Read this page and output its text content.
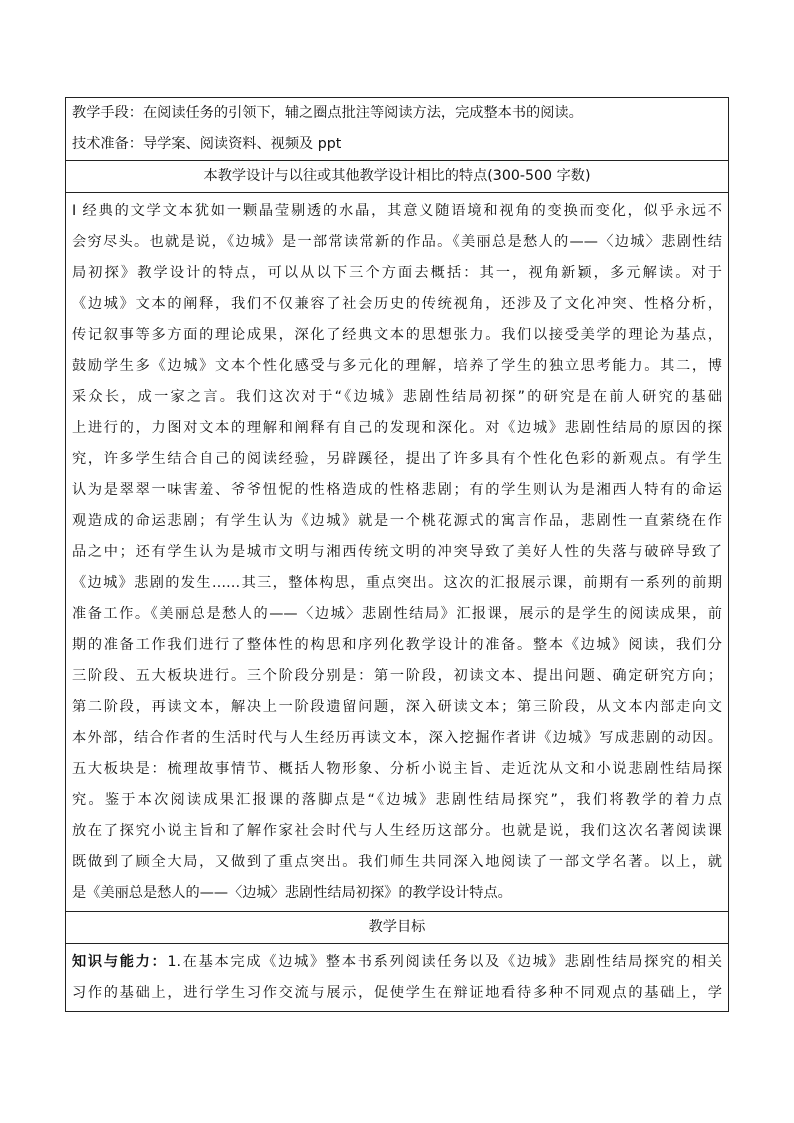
教学手段：在阅读任务的引领下，辅之圈点批注等阅读方法，完成整本书的阅读。
技术准备：导学案、阅读资料、视频及 ppt

本教学设计与以往或其他教学设计相比的特点(300-500 字数)

I 经典的文学文本犹如一颗晶莹剔透的水晶，其意义随语境和视角的变换而变化，似乎永远不
会穷尽头。也就是说，《边城》是一部常读常新的作品。《美丽总是愁人的——〈边城〉悲剧性结
局初探》教学设计的特点，可以从以下三个方面去概括：其一，视角新颖，多元解读。对于
《边城》文本的阐释，我们不仅兼容了社会历史的传统视角，还涉及了文化冲突、性格分析，
传记叙事等多方面的理论成果，深化了经典文本的思想张力。我们以接受美学的理论为基点，
鼓励学生多《边城》文本个性化感受与多元化的理解，培养了学生的独立思考能力。其二，博
采众长，成一家之言。我们这次对于“《边城》悲剧性结局初探”的研究是在前人研究的基础
上进行的，力图对文本的理解和阐释有自己的发现和深化。对《边城》悲剧性结局的原因的探
究，许多学生结合自己的阅读经验，另辟蹊径，提出了许多具有个性化色彩的新观点。有学生
认为是翠翠一味害羞、爷爷忸怩的性格造成的性格悲剧；有的学生则认为是湘西人特有的命运
观造成的命运悲剧；有学生认为《边城》就是一个桃花源式的寓言作品，悲剧性一直萦绕在作
品之中；还有学生认为是城市文明与湘西传统文明的冲突导致了美好人性的失落与破碎导致了
《边城》悲剧的发生……其三，整体构思，重点突出。这次的汇报展示课，前期有一系列的前期
准备工作。《美丽总是愁人的——〈边城〉悲剧性结局》汇报课，展示的是学生的阅读成果，前
期的准备工作我们进行了整体性的构思和序列化教学设计的准备。整本《边城》阅读，我们分
三阶段、五大板块进行。三个阶段分别是：第一阶段，初读文本、提出问题、确定研究方向；
第二阶段，再读文本，解决上一阶段遗留问题，深入研读文本；第三阶段，从文本内部走向文
本外部，结合作者的生活时代与人生经历再读文本，深入挖掘作者讲《边城》写成悲剧的动因。
五大板块是：梳理故事情节、概括人物形象、分析小说主旨、走近沈从文和小说悲剧性结局探
究。鉴于本次阅读成果汇报课的落脚点是“《边城》悲剧性结局探究”，我们将教学的着力点
放在了探究小说主旨和了解作家社会时代与人生经历这部分。也就是说，我们这次名著阅读课
既做到了顾全大局，又做到了重点突出。我们师生共同深入地阅读了一部文学名著。以上，就
是《美丽总是愁人的——〈边城〉悲剧性结局初探》的教学设计特点。

教学目标

知识与能力：1.在基本完成《边城》整本书系列阅读任务以及《边城》悲剧性结局探究的相关
习作的基础上，进行学生习作交流与展示，促使学生在辩证地看待多种不同观点的基础上，学
